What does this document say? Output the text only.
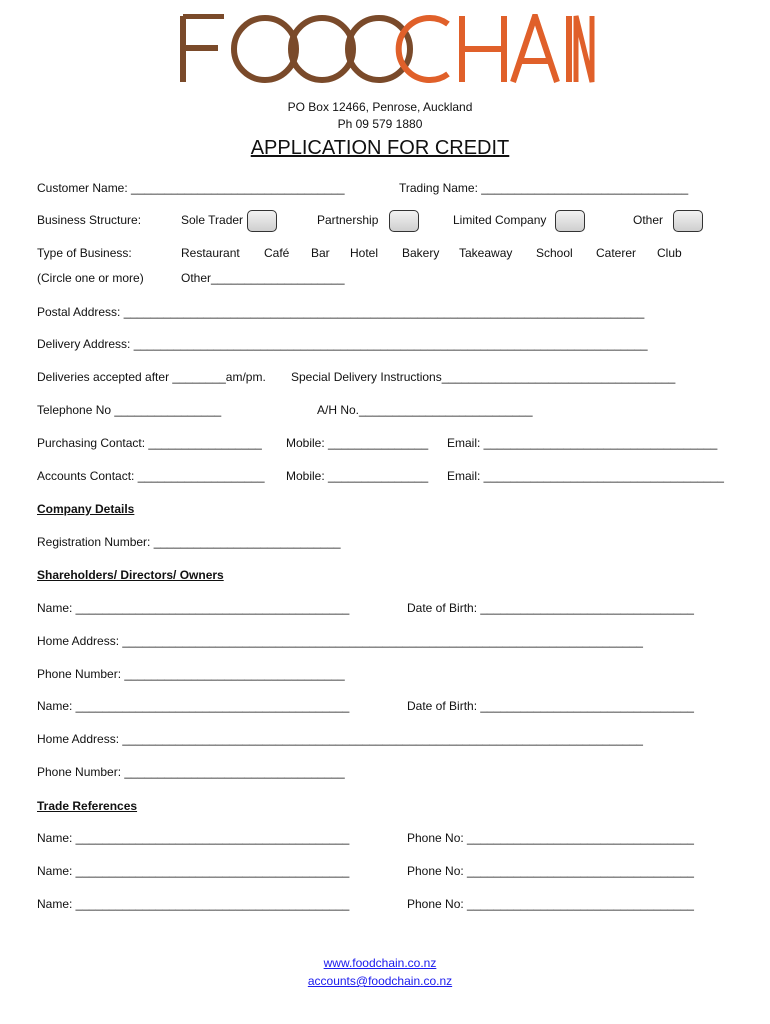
PO Box 12466, Penrose, Auckland
Ph 09 579 1880
APPLICATION FOR CREDIT
Customer Name: ________________________________	Trading Name: _______________________________
Business Structure:	Sole Trader	Partnership	Limited Company	Other
Type of Business:	Restaurant Café Bar Hotel Bakery Takeaway School Caterer Club
(Circle one or more)	Other____________________
Postal Address: ______________________________________________________________________________
Delivery Address: _____________________________________________________________________________
Deliveries accepted after ________am/pm. Special Delivery Instructions___________________________________
Telephone No ________________	A/H No.__________________________
Purchasing Contact: _________________ Mobile: _______________ Email: ___________________________________
Accounts Contact: ___________________ Mobile: _______________ Email: ____________________________________
Company Details
Registration Number: ____________________________
Shareholders/ Directors/ Owners
Name: _________________________________________	Date of Birth: ________________________________
Home Address: ______________________________________________________________________________
Phone Number: _________________________________
Name: _________________________________________	Date of Birth: ________________________________
Home Address: ______________________________________________________________________________
Phone Number: _________________________________
Trade References
Name: _________________________________________	Phone No: __________________________________
Name: _________________________________________	Phone No: __________________________________
Name: _________________________________________	Phone No: __________________________________
www.foodchain.co.nz
accounts@foodchain.co.nz
